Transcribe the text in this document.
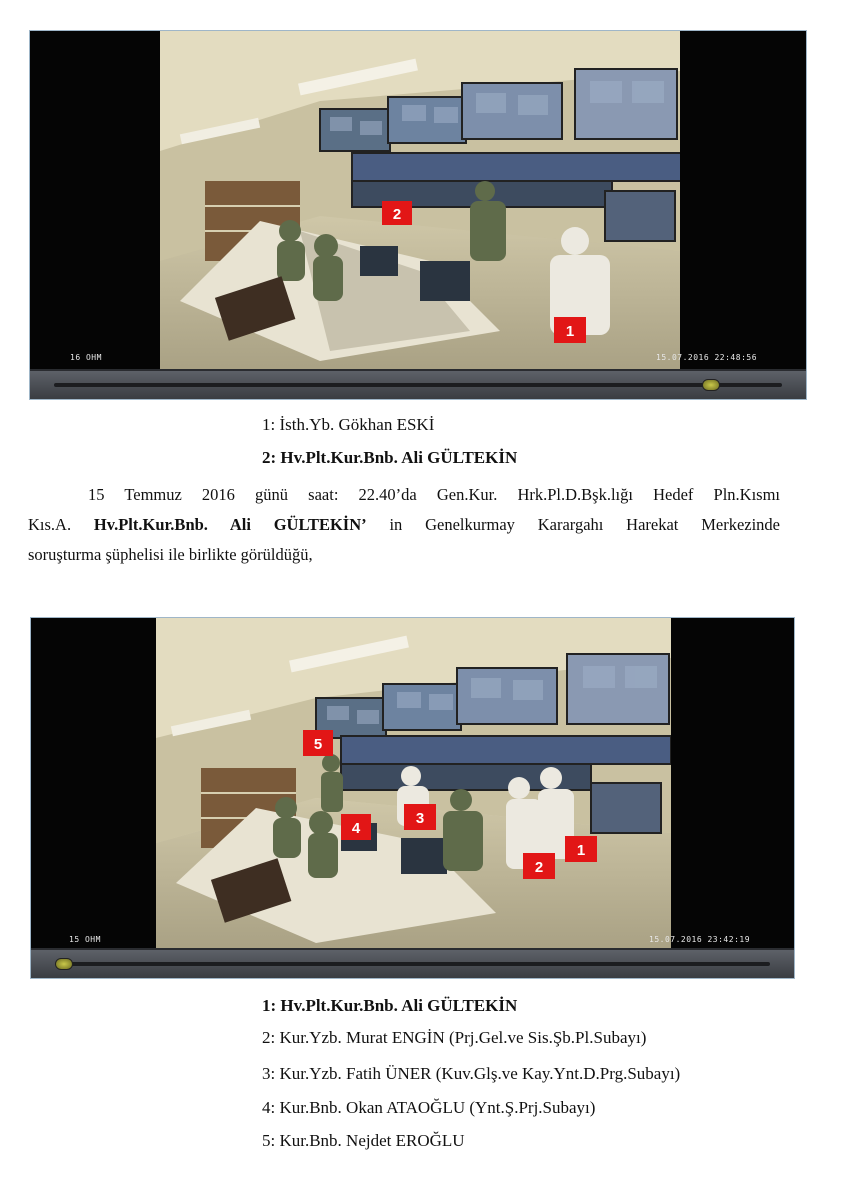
2
1
16 OHM	15.07.2016 22:48:56
1: İsth.Yb. Gökhan ESKİ
2: Hv.Plt.Kur.Bnb. Ali GÜLTEKİN
15 Temmuz 2016 günü saat: 22.40’da Gen.Kur. Hrk.Pl.D.Bşk.lığı Hedef Pln.Kısmı
Kıs.A. Hv.Plt.Kur.Bnb. Ali GÜLTEKİN’ in Genelkurmay Karargahı Harekat Merkezinde
soruşturma şüphelisi ile birlikte görüldüğü,
5
4
3
2
1
15 OHM	15.07.2016 23:42:19
1: Hv.Plt.Kur.Bnb. Ali GÜLTEKİN
2: Kur.Yzb. Murat ENGİN (Prj.Gel.ve Sis.Şb.Pl.Subayı)
3: Kur.Yzb. Fatih ÜNER (Kuv.Glş.ve Kay.Ynt.D.Prg.Subayı)
4: Kur.Bnb. Okan ATAOĞLU (Ynt.Ş.Prj.Subayı)
5: Kur.Bnb. Nejdet EROĞLU
